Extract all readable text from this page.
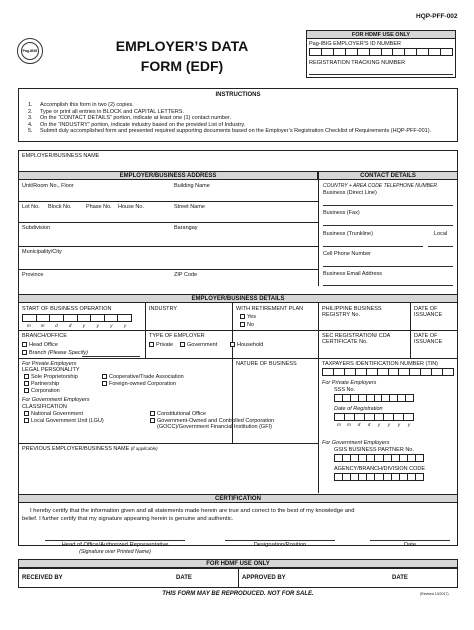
HQP-PFF-002
Pag-IBIG	EMPLOYER’S DATA
FORM (EDF)
FOR HDMF USE ONLY
Pag-IBIG EMPLOYER’S ID NUMBER
REGISTRATION TRACKING NUMBER
INSTRUCTIONS
1.	Accomplish this form in two (2) copies.
2.	Type or print all entries in BLOCK and CAPITAL LETTERS.
3.	On the “CONTACT DETAILS” portion, indicate at least one (1) contact number.
4.	On the “INDUSTRY” portion, indicate industry based on the provided List of Industry.
5.	Submit duly accomplished form and presented required supporting documents based on the Employer’s Registration Checklist of Requirements (HQP-PFF-001).
EMPLOYER/BUSINESS NAME
EMPLOYER/BUSINESS ADDRESS	CONTACT DETAILS
Unit/Room No., Floor	Building Name
Lot No. Block No.	Phase No. House No.	Street Name
Subdivision	Barangay
Municipality/City
Province	ZIP Code
COUNTRY + AREA CODE TELEPHONE NUMBER
Business (Direct Line)
Business (Fax)
Business (Trunkline)	Local
Cell Phone Number
Business Email Address
EMPLOYER/BUSINESS DETAILS
START OF BUSINESS OPERATION
m	m	d	d	y	y	y	y
INDUSTRY	WITH RETIREMENT PLAN
Yes
No
PHILIPPINE BUSINESS REGISTRY No.
DATE OF ISSUANCE
BRANCH/OFFICE
Head Office
Branch (Please Specify)
TYPE OF EMPLOYER
Private	Government	Household
SEC REGISTRATION/ CDA CERTIFICATE No.
DATE OF ISSUANCE
For Private Employers
LEGAL PERSONALITY
Sole Proprietorship
Partnership
Corporation
Cooperative/Trade Association
Foreign-owned Corporation
For Government Employers
CLASSIFICATION
National Government
Local Government Unit (LGU)
Constitutional Office
Government-Owned and Controlled Corporation
(GOCC)/Government Financial Institution (GFI)
NATURE OF BUSINESS
PREVIOUS EMPLOYER/BUSINESS NAME (if applicable)
TAXPAYERS IDENTIFICATION NUMBER (TIN)
For Private Employers
SSS No.
Date of Registration
m	m	d	d	y	y	y	y
For Government Employers
GSIS BUSINESS PARTNER No.
AGENCY/BRANCH/DIVISION CODE
CERTIFICATION
I hereby certify that the information given and all statements made herein are true and correct to the best of my knowledge and
belief. I further certify that my signature appearing herein is genuine and authentic.
Head of Office/Authorized Representative
(Signature over Printed Name)
Designation/Position	Date
FOR HDMF USE ONLY
RECEIVED BY	DATE	APPROVED BY	DATE
THIS FORM MAY BE REPRODUCED. NOT FOR SALE.	(Revised 10/2017)
